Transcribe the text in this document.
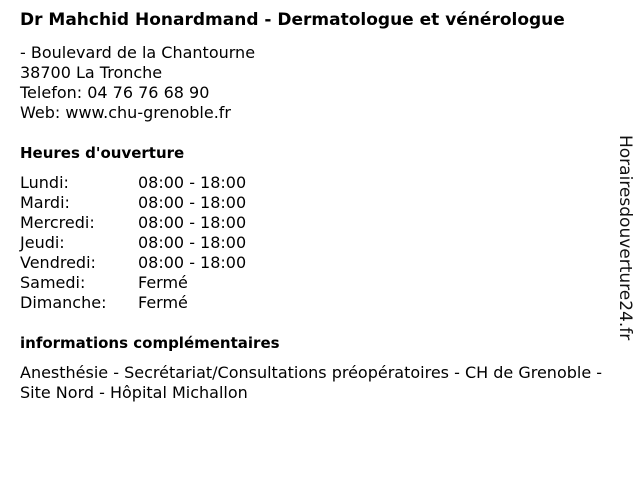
Dr Mahchid Honardmand - Dermatologue et vénérologue
- Boulevard de la Chantourne
38700 La Tronche
Telefon: 04 76 76 68 90
Web: www.chu-grenoble.fr
Heures d'ouverture
Lundi:	08:00 - 18:00
Mardi:	08:00 - 18:00
Mercredi:	08:00 - 18:00
Jeudi:	08:00 - 18:00
Vendredi:	08:00 - 18:00
Samedi:	Fermé
Dimanche:	Fermé
informations complémentaires
Anesthésie - Secrétariat/Consultations préopératoires - CH de Grenoble - Site Nord - Hôpital Michallon
Horairesdouverture24.fr
